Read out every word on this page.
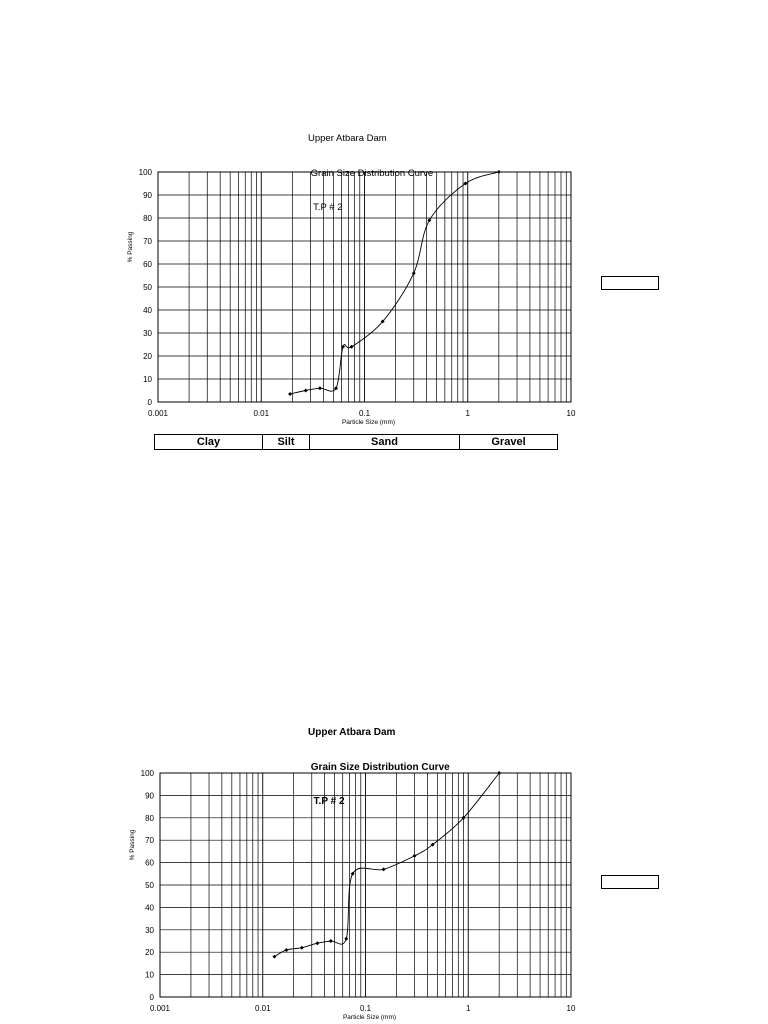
Upper Atbara Dam

Grain Size Distribution Curve

T.P # 2

0
10
20
30
40
50
60
70
80
90
100
0.001	0.01	0.1	1	10
Particle Size (mm)
% Passing
Clay	Silt	Sand	Gravel

Upper Atbara Dam

Grain Size Distribution Curve

T.P # 2

0
10
20
30
40
50
60
70
80
90
100
0.001	0.01	0.1	1	10
Particle Size (mm)
% Passing
